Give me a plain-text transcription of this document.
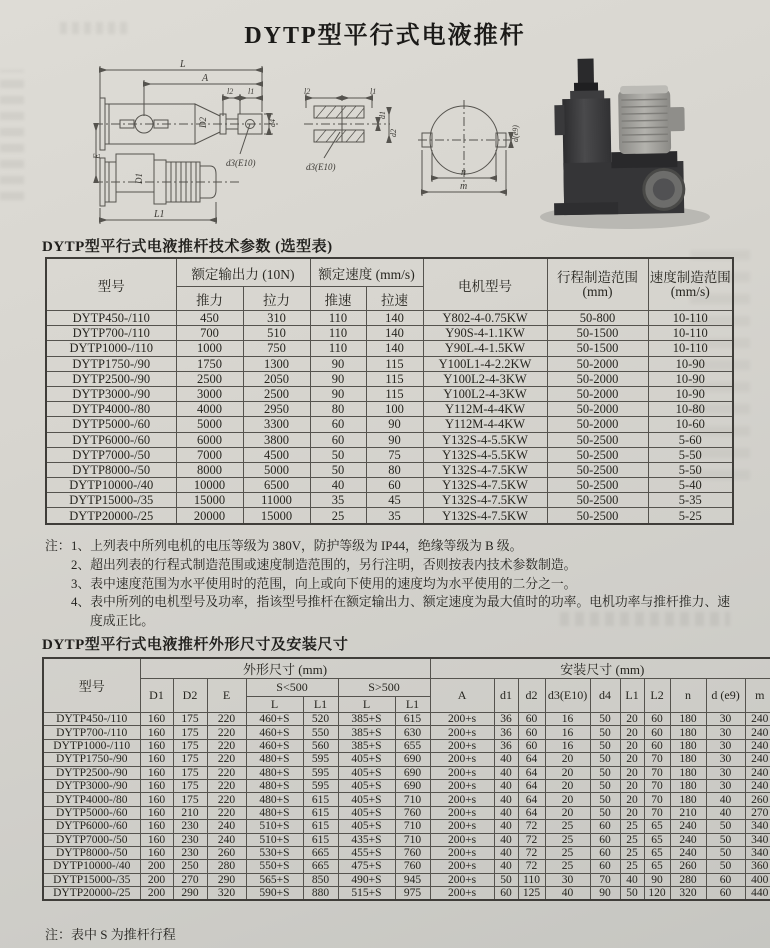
DYTP型平行式电液推杆
L
A
l2 l1
d4
D2
D1
E
L1
d3(E10)	d3(E10)
l2	l1
d1
d2	d(e9)
n
m
DYTP型平行式电液推杆技术参数 (选型表)
型号	额定输出力 (10N)		额定速度 (mm/s)		电机型号	行程制造范围 (mm)	速度制造范围 (mm/s)
	推力	拉力	推速	拉速			
DYTP450-/110	450	310	110	140	Y802-4-0.75KW	50-800	10-110
DYTP700-/110	700	510	110	140	Y90S-4-1.1KW	50-1500	10-110
DYTP1000-/110	1000	750	110	140	Y90L-4-1.5KW	50-1500	10-110
DYTP1750-/90	1750	1300	90	115	Y100L1-4-2.2KW	50-2000	10-90
DYTP2500-/90	2500	2050	90	115	Y100L2-4-3KW	50-2000	10-90
DYTP3000-/90	3000	2500	90	115	Y100L2-4-3KW	50-2000	10-90
DYTP4000-/80	4000	2950	80	100	Y112M-4-4KW	50-2000	10-80
DYTP5000-/60	5000	3300	60	90	Y112M-4-4KW	50-2000	10-60
DYTP6000-/60	6000	3800	60	90	Y132S-4-5.5KW	50-2500	5-60
DYTP7000-/50	7000	4500	50	75	Y132S-4-5.5KW	50-2500	5-50
DYTP8000-/50	8000	5000	50	80	Y132S-4-7.5KW	50-2500	5-50
DYTP10000-/40	10000	6500	40	60	Y132S-4-7.5KW	50-2500	5-40
DYTP15000-/35	15000	11000	35	45	Y132S-4-7.5KW	50-2500	5-35
DYTP20000-/25	20000	15000	25	35	Y132S-4-7.5KW	50-2500	5-25
注： 1、上列表中所列电机的电压等级为 380V，防护等级为 IP44，绝缘等级为 B 级。
2、超出列表的行程式制造范围或速度制造范围的，另行注明，否则按表内技术参数制造。
3、表中速度范围为水平使用时的范围，向上或向下使用的速度均为水平使用的二分之一。
4、表中所列的电机型号及功率，指该型号推杆在额定输出力、额定速度为最大值时的功率。电机功率与推杆推力、速度成正比。
DYTP型平行式电液推杆外形尺寸及安装尺寸
型号	外形尺寸 (mm)							安装尺寸 (mm)									
	D1	D2	E	S<500		S>500		A	d1	d2	d3(E10)	d4	L1	L2	n	d (e9)	m
				L	L1	L	L1										
DYTP450-/110	160	175	220	460+S	520	385+S	615	200+s	36	60	16	50	20	60	180	30	240
DYTP700-/110	160	175	220	460+S	550	385+S	630	200+s	36	60	16	50	20	60	180	30	240
DYTP1000-/110	160	175	220	460+S	560	385+S	655	200+s	36	60	16	50	20	60	180	30	240
DYTP1750-/90	160	175	220	480+S	595	405+S	690	200+s	40	64	20	50	20	70	180	30	240
DYTP2500-/90	160	175	220	480+S	595	405+S	690	200+s	40	64	20	50	20	70	180	30	240
DYTP3000-/90	160	175	220	480+S	595	405+S	690	200+s	40	64	20	50	20	70	180	30	240
DYTP4000-/80	160	175	220	480+S	615	405+S	710	200+s	40	64	20	50	20	70	180	40	260
DYTP5000-/60	160	210	220	480+S	615	405+S	760	200+s	40	64	20	50	20	70	210	40	270
DYTP6000-/60	160	230	240	510+S	615	405+S	710	200+s	40	72	25	60	25	65	240	50	340
DYTP7000-/50	160	230	240	510+S	615	435+S	710	200+s	40	72	25	60	25	65	240	50	340
DYTP8000-/50	160	230	260	530+S	665	455+S	760	200+s	40	72	25	60	25	65	240	50	340
DYTP10000-/40	200	250	280	550+S	665	475+S	760	200+s	40	72	25	60	25	65	260	50	360
DYTP15000-/35	200	270	290	565+S	850	490+S	945	200+s	50	110	30	70	40	90	280	60	400
DYTP20000-/25	200	290	320	590+S	880	515+S	975	200+s	60	125	40	90	50	120	320	60	440
注：表中 S 为推杆行程
